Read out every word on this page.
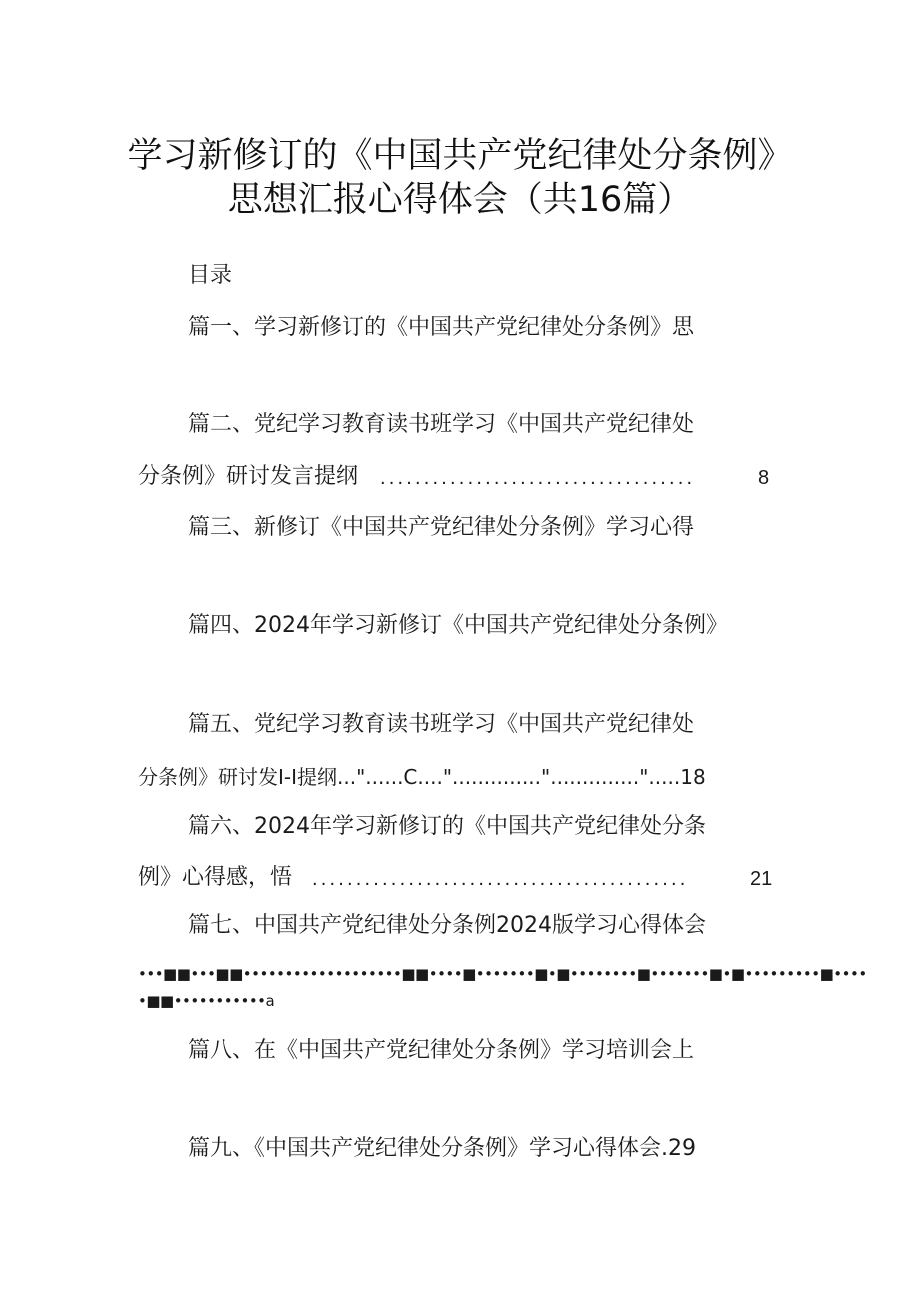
学习新修订的《中国共产党纪律处分条例》
思想汇报心得体会（共16篇）
目录
篇一、学习新修订的《中国共产党纪律处分条例》思
篇二、党纪学习教育读书班学习《中国共产党纪律处
分条例》研讨发言提纲 ....................................	8
篇三、新修订《中国共产党纪律处分条例》学习心得
篇四、2024年学习新修订《中国共产党纪律处分条例》
篇五、党纪学习教育读书班学习《中国共产党纪律处
分条例》研讨发I-I提纲..."......C....".............."..............".....18
篇六、2024年学习新修订的《中国共产党纪律处分条
例》心得感，悟 ...........................................	21
篇七、中国共产党纪律处分条例2024版学习心得体会
•••■■•••■■•••••••••••••••••••■■••••■•••••••■•■••••••••■•••••••■•■•••••••••■••••
•■■•••••••••••a
篇八、在《中国共产党纪律处分条例》学习培训会上
篇九、《中国共产党纪律处分条例》学习心得体会.29
